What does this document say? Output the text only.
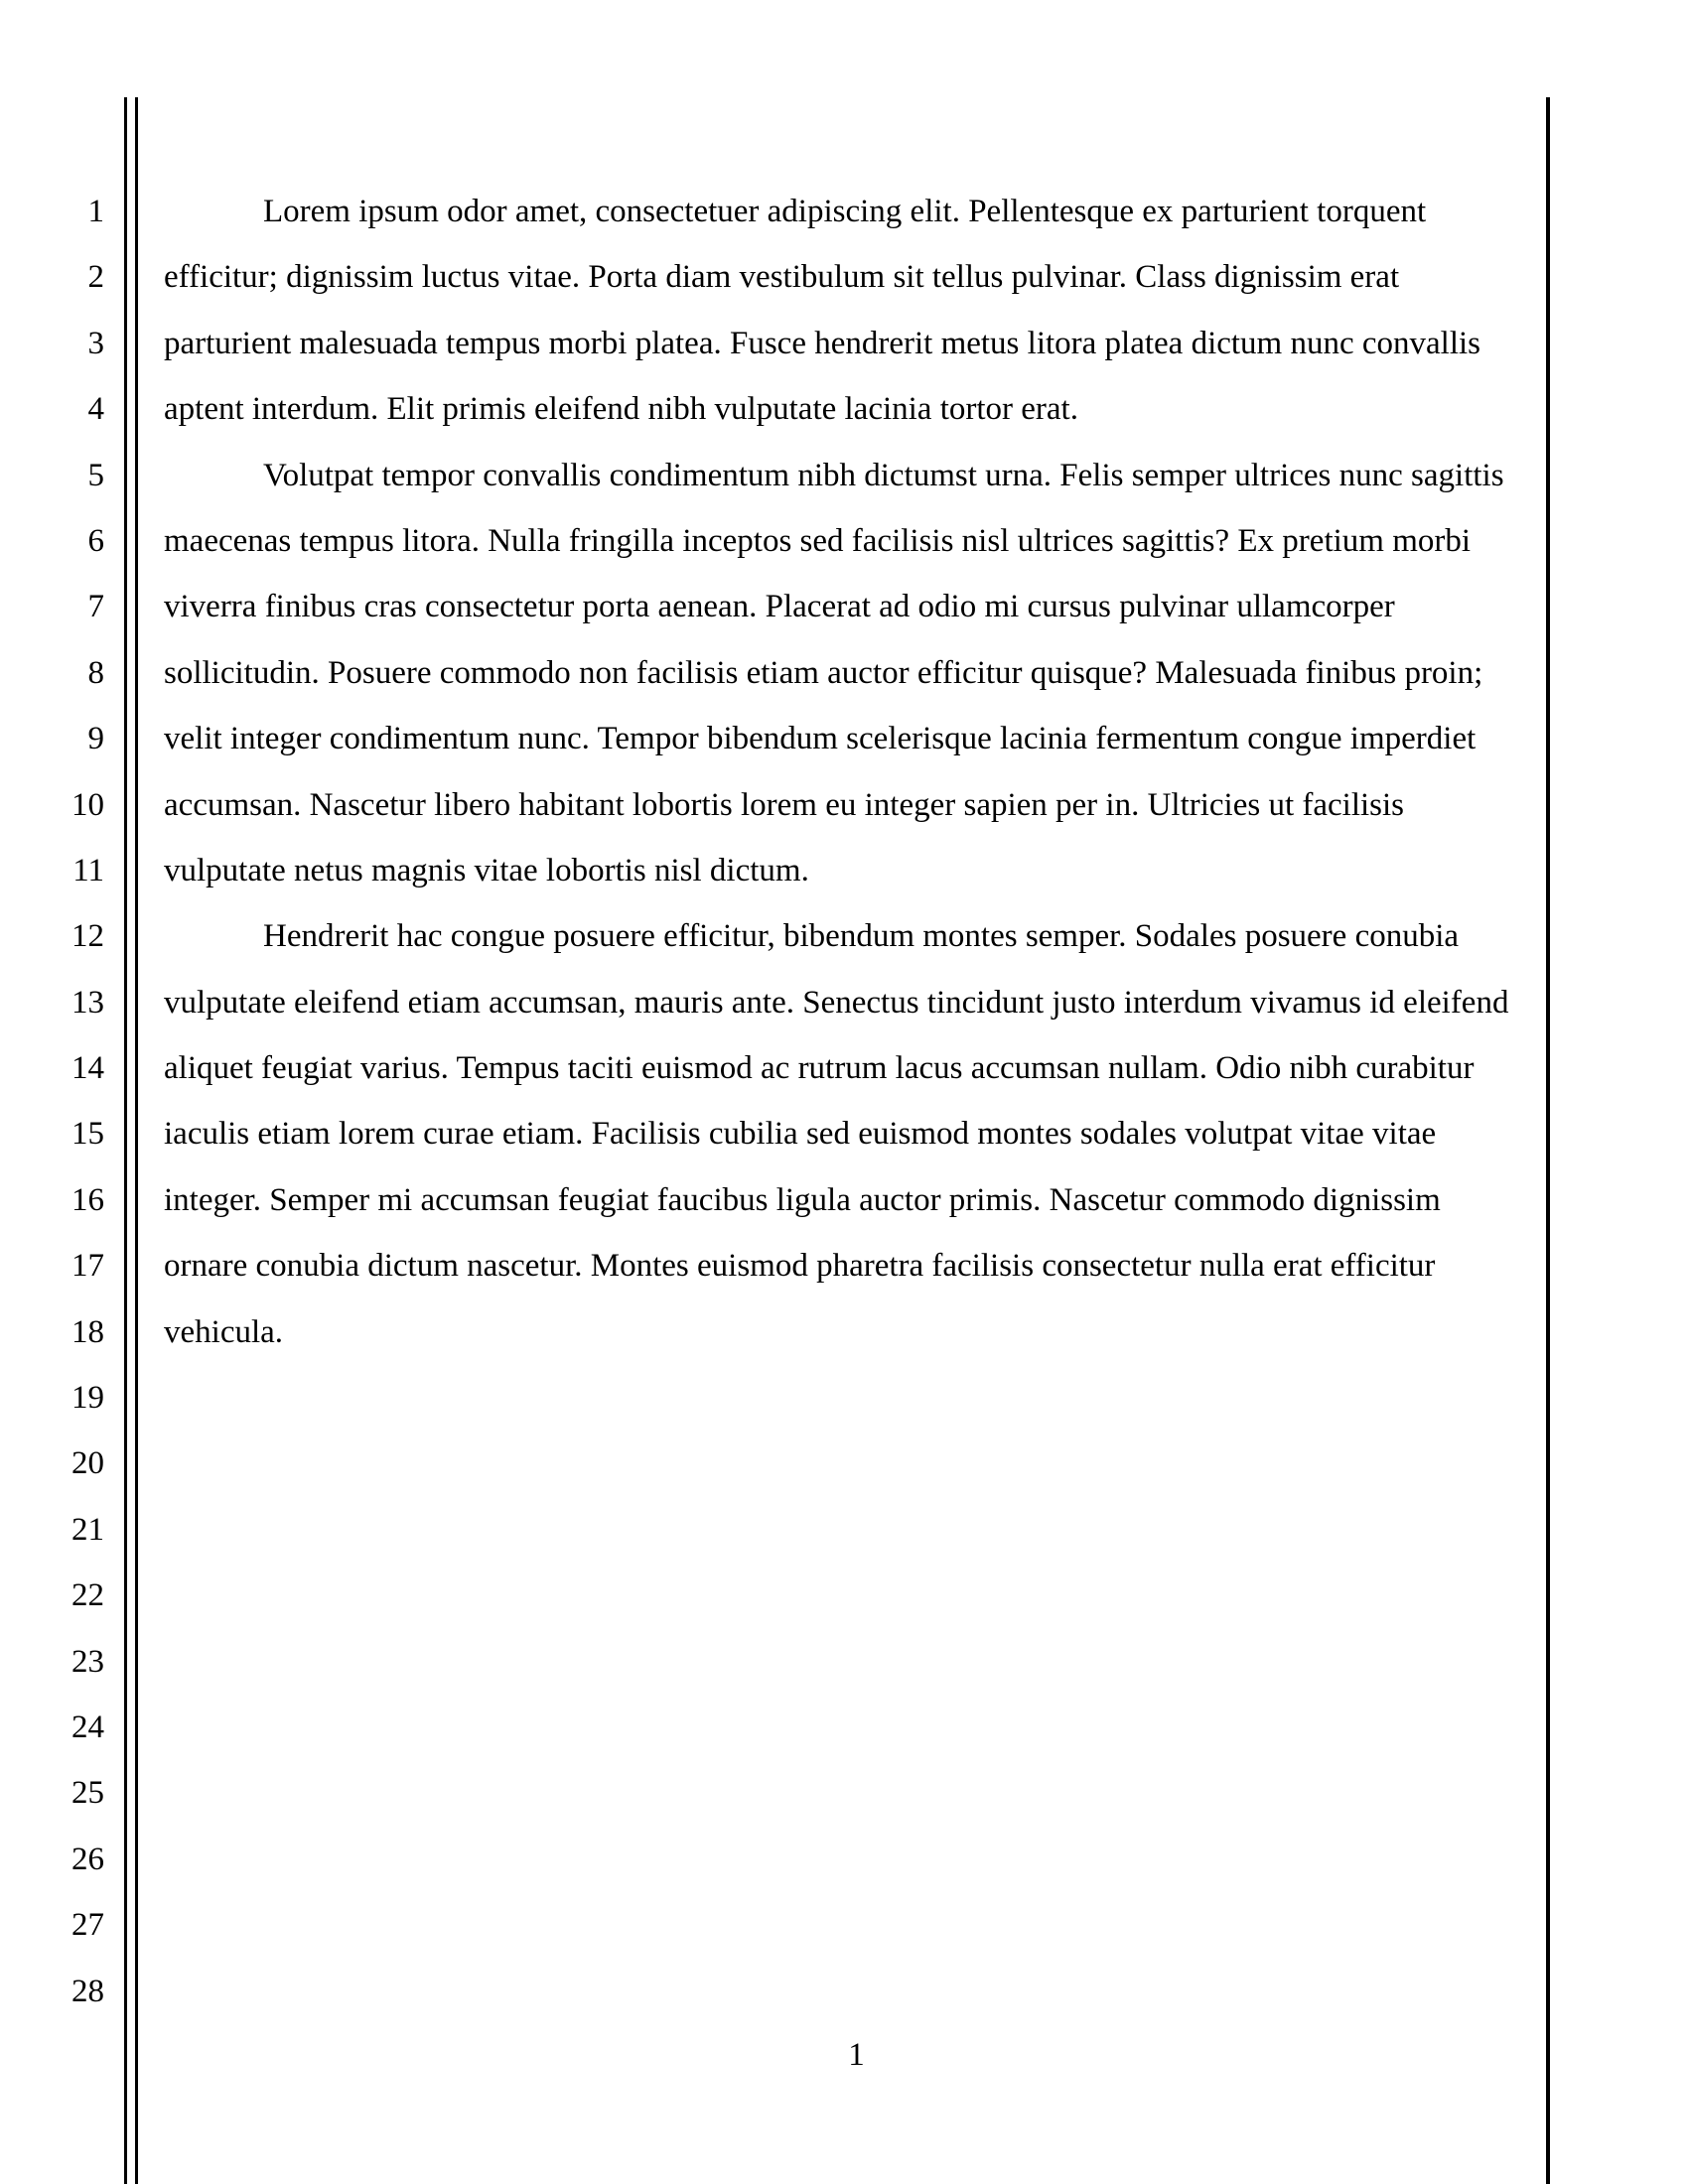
1
2
3
4
5
6
7
8
9
10
11
12
13
14
15
16
17
18
19
20
21
22
23
24
25
26
27
28
Lorem ipsum odor amet, consectetuer adipiscing elit. Pellentesque ex parturient torquent
efficitur; dignissim luctus vitae. Porta diam vestibulum sit tellus pulvinar. Class dignissim erat
parturient malesuada tempus morbi platea. Fusce hendrerit metus litora platea dictum nunc convallis
aptent interdum. Elit primis eleifend nibh vulputate lacinia tortor erat.
Volutpat tempor convallis condimentum nibh dictumst urna. Felis semper ultrices nunc sagittis
maecenas tempus litora. Nulla fringilla inceptos sed facilisis nisl ultrices sagittis? Ex pretium morbi
viverra finibus cras consectetur porta aenean. Placerat ad odio mi cursus pulvinar ullamcorper
sollicitudin. Posuere commodo non facilisis etiam auctor efficitur quisque? Malesuada finibus proin;
velit integer condimentum nunc. Tempor bibendum scelerisque lacinia fermentum congue imperdiet
accumsan. Nascetur libero habitant lobortis lorem eu integer sapien per in. Ultricies ut facilisis
vulputate netus magnis vitae lobortis nisl dictum.
Hendrerit hac congue posuere efficitur, bibendum montes semper. Sodales posuere conubia
vulputate eleifend etiam accumsan, mauris ante. Senectus tincidunt justo interdum vivamus id eleifend
aliquet feugiat varius. Tempus taciti euismod ac rutrum lacus accumsan nullam. Odio nibh curabitur
iaculis etiam lorem curae etiam. Facilisis cubilia sed euismod montes sodales volutpat vitae vitae
integer. Semper mi accumsan feugiat faucibus ligula auctor primis. Nascetur commodo dignissim
ornare conubia dictum nascetur. Montes euismod pharetra facilisis consectetur nulla erat efficitur
vehicula.
1
